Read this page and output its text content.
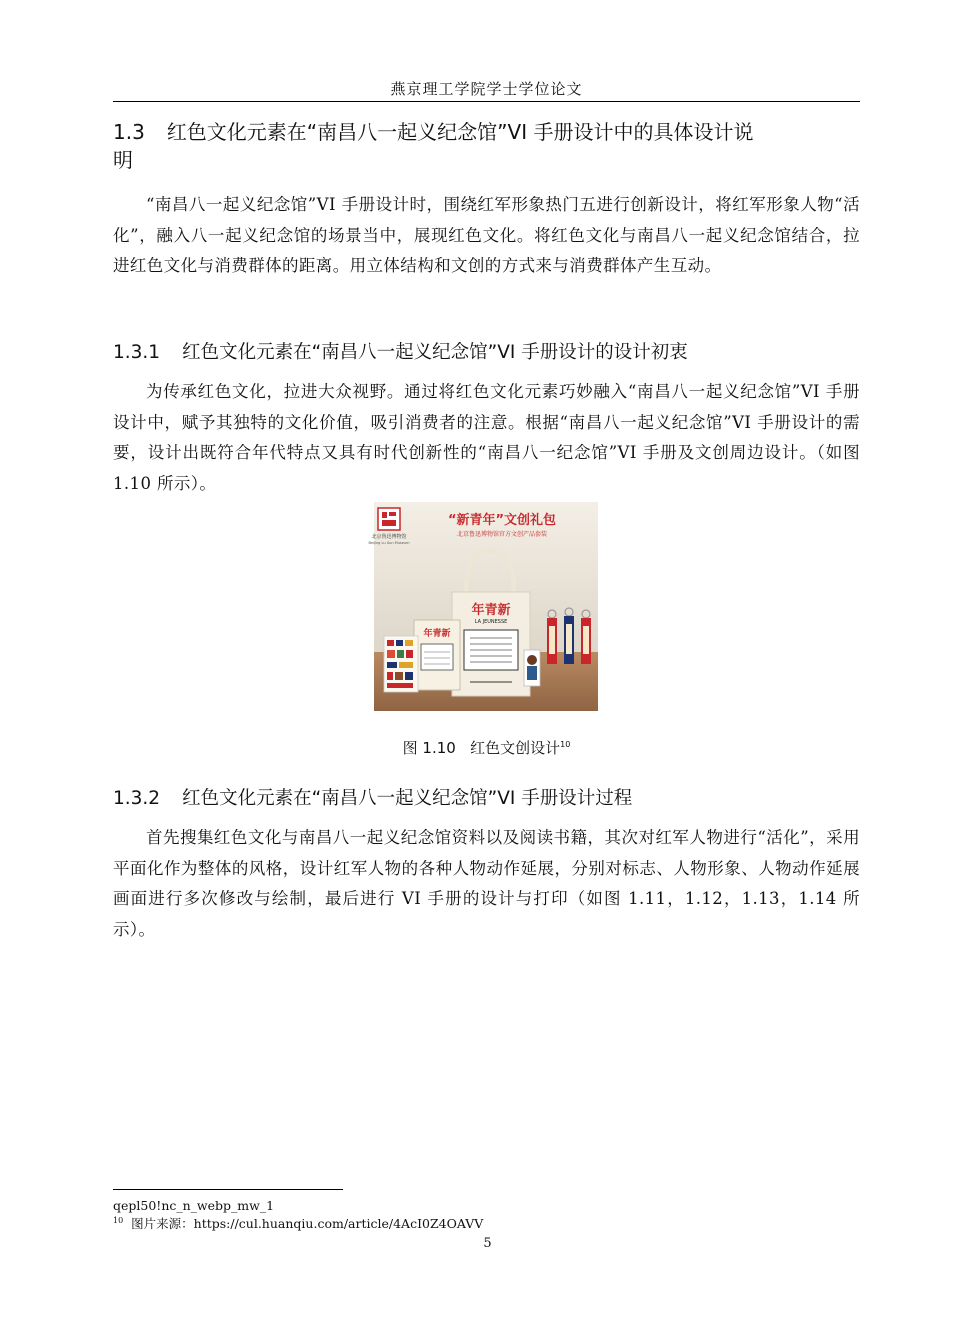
燕京理工学院学士学位论文
1.3 红色文化元素在“南昌八一起义纪念馆”VI 手册设计中的具体设计说
明

“南昌八一起义纪念馆”VI 手册设计时，围绕红军形象热门五进行创新设计，将红军形象人物“活化”，融入八一起义纪念馆的场景当中，展现红色文化。将红色文化与南昌八一起义纪念馆结合，拉进红色文化与消费群体的距离。用立体结构和文创的方式来与消费群体产生互动。

1.3.1 红色文化元素在“南昌八一起义纪念馆”VI 手册设计的设计初衷

为传承红色文化，拉进大众视野。通过将红色文化元素巧妙融入“南昌八一起义纪念馆”VI 手册设计中，赋予其独特的文化价值，吸引消费者的注意。根据“南昌八一起义纪念馆”VI 手册设计的需要，设计出既符合年代特点又具有时代创新性的“南昌八一纪念馆”VI 手册及文创周边设计。（如图 1.10 所示）。

北京鲁迅博物馆
Beijing Lu Xun Museum
“新青年”文创礼包
北京鲁迅博物馆官方文创产品套装
年青新
LA JEUNESSE
年青新
图 1.10 红色文创设计$^{10}$
1.3.2 红色文化元素在“南昌八一起义纪念馆”VI 手册设计过程

首先搜集红色文化与南昌八一起义纪念馆资料以及阅读书籍，其次对红军人物进行“活化”，采用平面化作为整体的风格，设计红军人物的各种人物动作延展，分别对标志、人物形象、人物动作延展画面进行多次修改与绘制，最后进行 VI 手册的设计与打印（如图 1.11，1.12，1.13，1.14 所示）。

qepl50!nc_n_webp_mw_1
$^{10}$ 图片来源：https://cul.huanqiu.com/article/4AcI0Z4OAVV
5
